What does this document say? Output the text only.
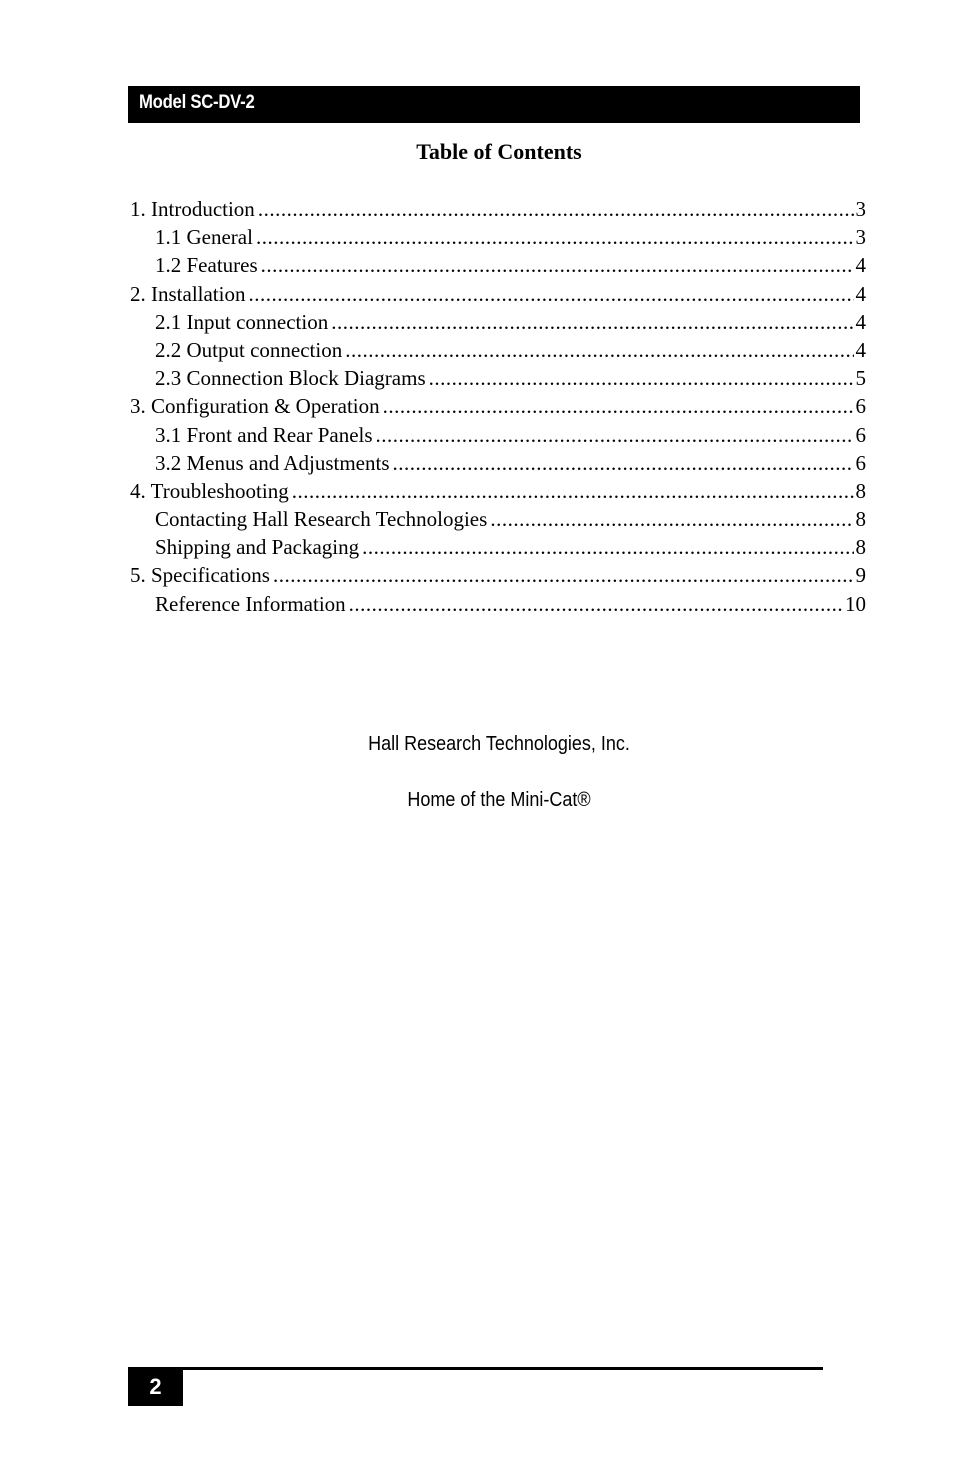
Model SC-DV-2
Table of Contents
1. Introduction .....	3
1.1 General .....	3
1.2 Features .....	4
2. Installation .....	4
2.1 Input connection .....	4
2.2 Output connection .....	4
2.3 Connection Block Diagrams .....	5
3. Configuration & Operation .....	6
3.1 Front and Rear Panels .....	6
3.2 Menus and Adjustments .....	6
4. Troubleshooting .....	8
Contacting Hall Research Technologies .....	8
Shipping and Packaging .....	8
5. Specifications .....	9
Reference Information .....	10
Hall Research Technologies, Inc.
Home of the Mini-Cat®
2
